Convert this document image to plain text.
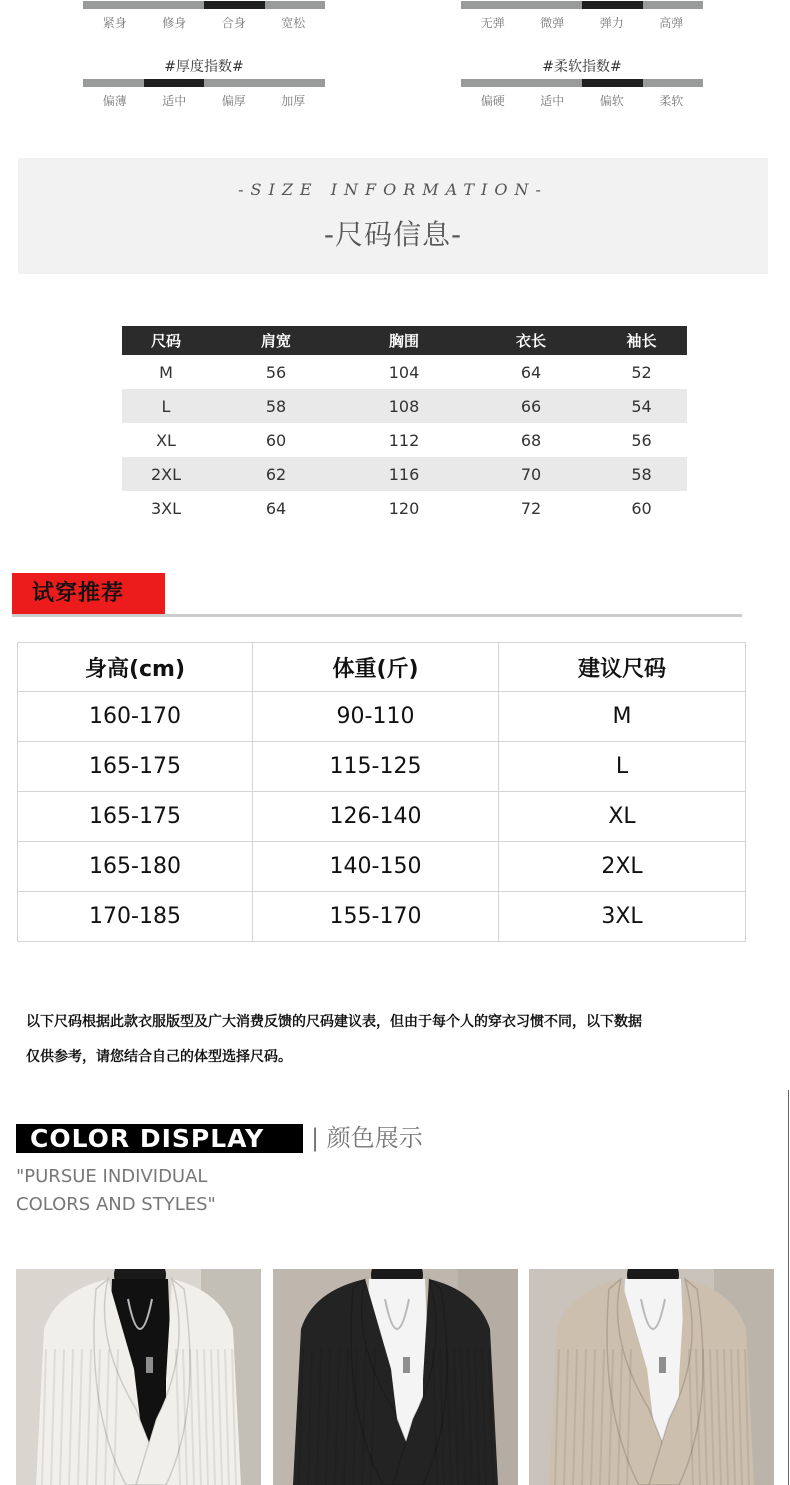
紧身	修身	合身	宽松	无弹	微弹	弹力	高弹
#厚度指数#
偏薄	适中	偏厚	加厚
#柔软指数#
偏硬	适中	偏软	柔软
-SIZE INFORMATION-
-尺码信息-
尺码	肩宽	胸围	衣长	袖长
M	56	104	64	52
L	58	108	66	54
XL	60	112	68	56
2XL	62	116	70	58
3XL	64	120	72	60
试穿推荐
身高(cm)	体重(斤)	建议尺码
160-170	90-110	M
165-175	115-125	L
165-175	126-140	XL
165-180	140-150	2XL
170-185	155-170	3XL
以下尺码根据此款衣服版型及广大消费反馈的尺码建议表，但由于每个人的穿衣习惯不同，以下数据
仅供参考，请您结合自己的体型选择尺码。
COLOR DISPLAY	| 颜色展示
"PURSUE INDIVIDUAL
COLORS AND STYLES"
